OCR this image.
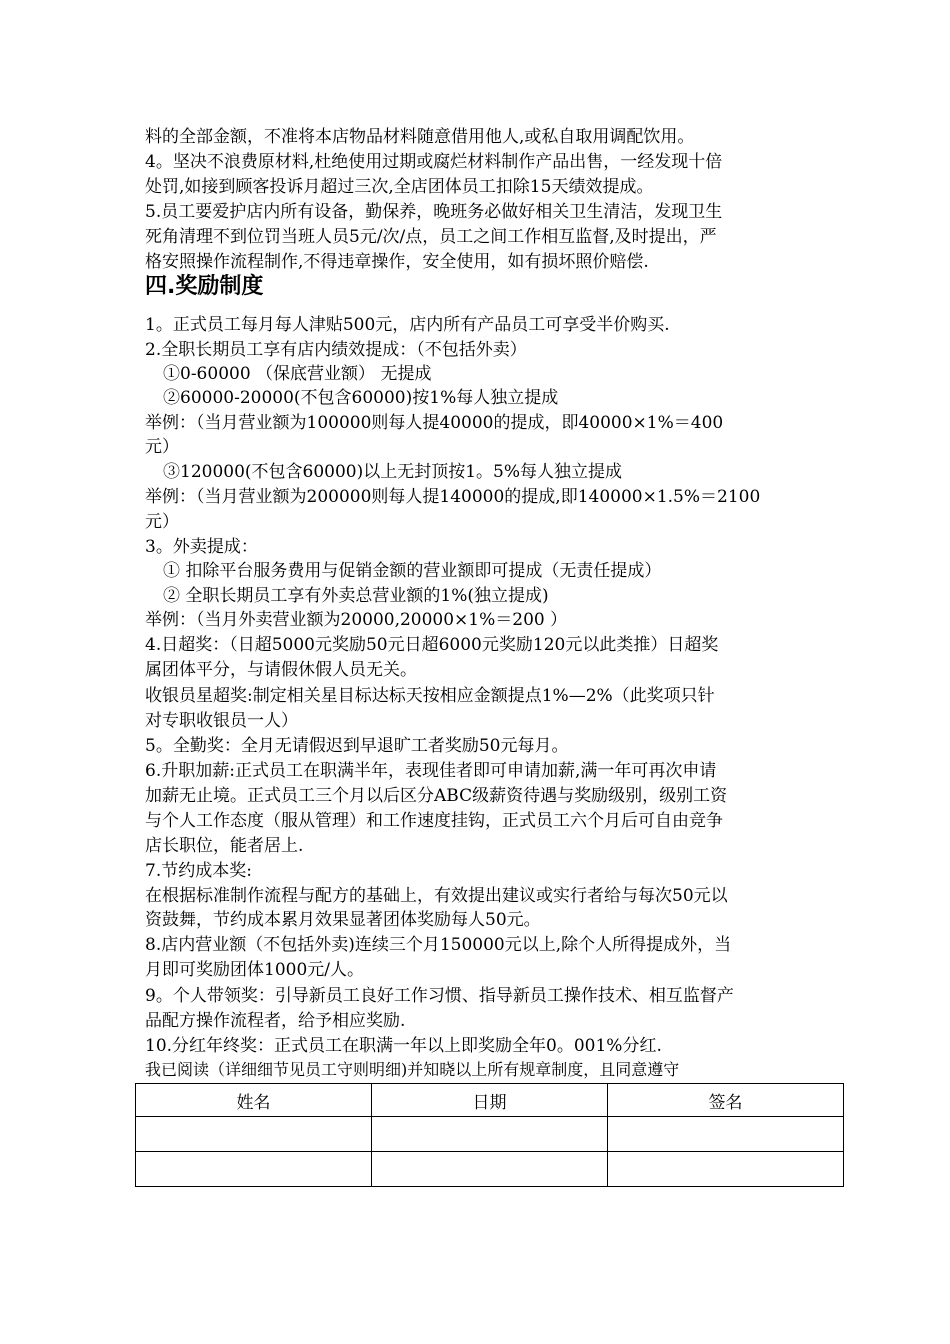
料的全部金额，不准将本店物品材料随意借用他人,或私自取用调配饮用。
4。坚决不浪费原材料,杜绝使用过期或腐烂材料制作产品出售，一经发现十倍
处罚,如接到顾客投诉月超过三次,全店团体员工扣除15天绩效提成。
5.员工要爱护店内所有设备，勤保养，晚班务必做好相关卫生清洁，发现卫生
死角清理不到位罚当班人员5元/次/点，员工之间工作相互监督,及时提出，严
格安照操作流程制作,不得违章操作，安全使用，如有损坏照价赔偿.
四.奖励制度
1。正式员工每月每人津贴500元，店内所有产品员工可享受半价购买.
2.全职长期员工享有店内绩效提成：（不包括外卖）
①0-60000 （保底营业额） 无提成
②60000-20000(不包含60000)按1%每人独立提成
举例：（当月营业额为100000则每人提40000的提成，即40000×1%＝400
元）
③120000(不包含60000)以上无封顶按1。5%每人独立提成
举例：（当月营业额为200000则每人提140000的提成,即140000×1.5%＝2100
元）
3。外卖提成：
① 扣除平台服务费用与促销金额的营业额即可提成（无责任提成）
② 全职长期员工享有外卖总营业额的1%(独立提成)
举例：（当月外卖营业额为20000,20000×1%＝200 ）
4.日超奖：（日超5000元奖励50元日超6000元奖励120元以此类推）日超奖
属团体平分，与请假休假人员无关。
收银员星超奖:制定相关星目标达标天按相应金额提点1%—2%（此奖项只针
对专职收银员一人）
5。全勤奖：全月无请假迟到早退旷工者奖励50元每月。
6.升职加薪:正式员工在职满半年，表现佳者即可申请加薪,满一年可再次申请
加薪无止境。正式员工三个月以后区分ABC级薪资待遇与奖励级别，级别工资
与个人工作态度（服从管理）和工作速度挂钩，正式员工六个月后可自由竞争
店长职位，能者居上.
7.节约成本奖:
在根据标准制作流程与配方的基础上，有效提出建议或实行者给与每次50元以
资鼓舞，节约成本累月效果显著团体奖励每人50元。
8.店内营业额（不包括外卖)连续三个月150000元以上,除个人所得提成外，当
月即可奖励团体1000元/人。
9。个人带领奖：引导新员工良好工作习惯、指导新员工操作技术、相互监督产
品配方操作流程者，给予相应奖励.
10.分红年终奖：正式员工在职满一年以上即奖励全年0。001%分红.
我已阅读（详细细节见员工守则明细)并知晓以上所有规章制度，且同意遵守
姓名	日期	签名
